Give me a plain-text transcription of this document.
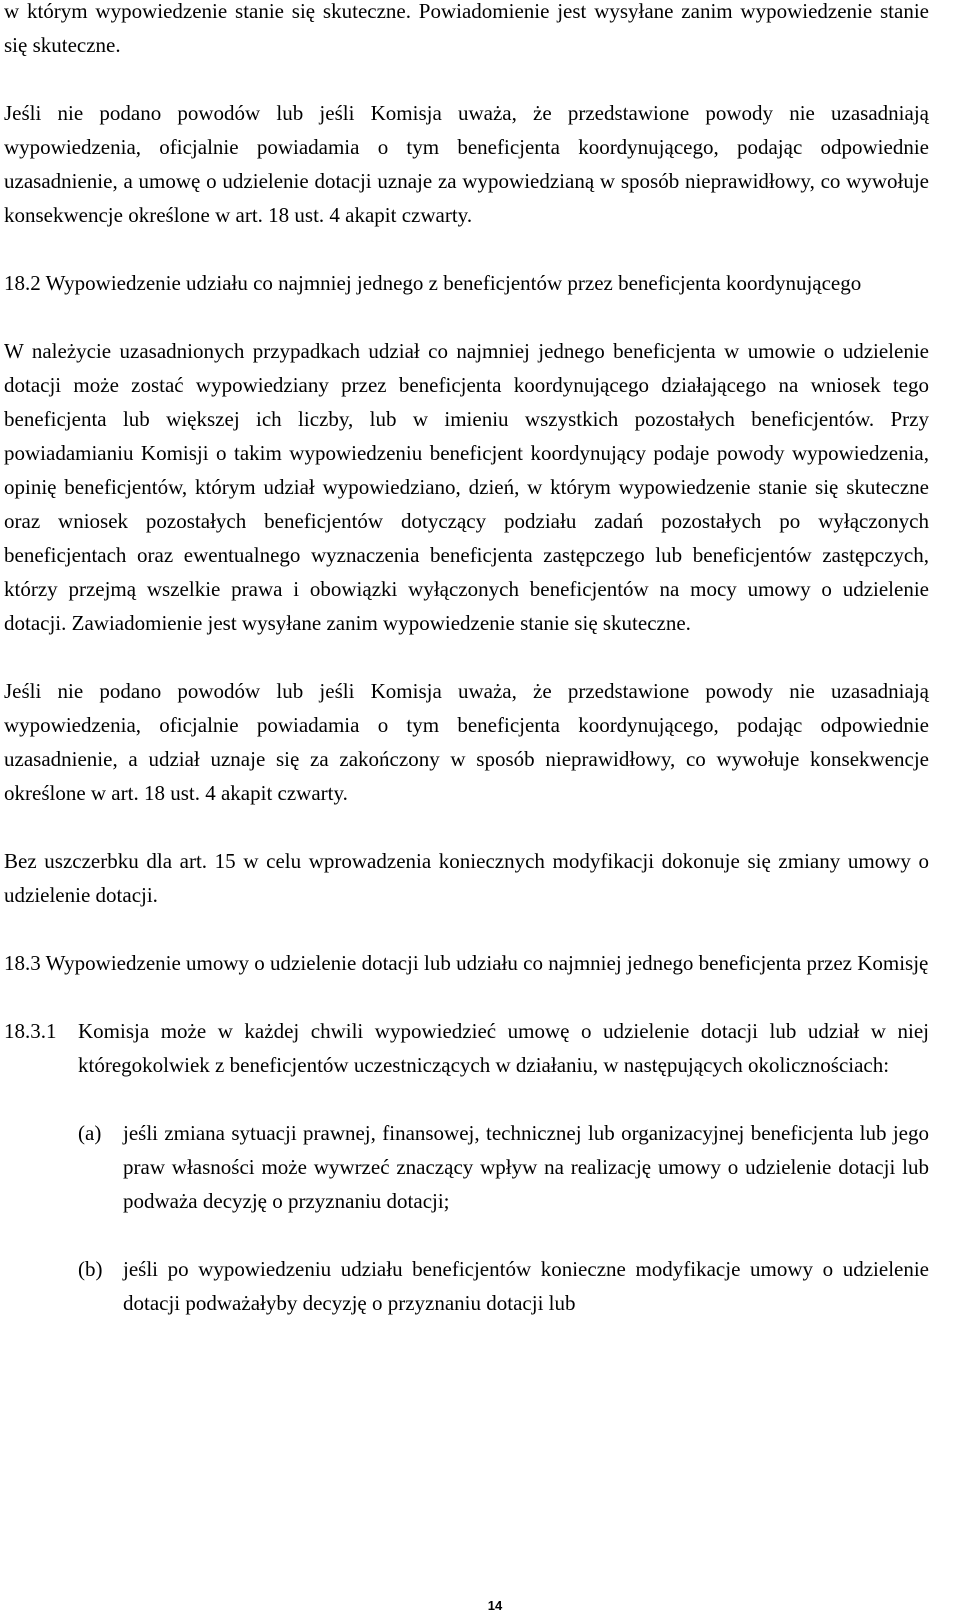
w którym wypowiedzenie stanie się skuteczne. Powiadomienie jest wysyłane zanim wypowiedzenie stanie się skuteczne.

Jeśli nie podano powodów lub jeśli Komisja uważa, że przedstawione powody nie uzasadniają wypowiedzenia, oficjalnie powiadamia o tym beneficjenta koordynującego, podając odpowiednie uzasadnienie, a umowę o udzielenie dotacji uznaje za wypowiedzianą w sposób nieprawidłowy, co wywołuje konsekwencje określone w art. 18 ust. 4 akapit czwarty.

18.2 Wypowiedzenie udziału co najmniej jednego z beneficjentów przez beneficjenta koordynującego

W należycie uzasadnionych przypadkach udział co najmniej jednego beneficjenta w umowie o udzielenie dotacji może zostać wypowiedziany przez beneficjenta koordynującego działającego na wniosek tego beneficjenta lub większej ich liczby, lub w imieniu wszystkich pozostałych beneficjentów. Przy powiadamianiu Komisji o takim wypowiedzeniu beneficjent koordynujący podaje powody wypowiedzenia, opinię beneficjentów, którym udział wypowiedziano, dzień, w którym wypowiedzenie stanie się skuteczne oraz wniosek pozostałych beneficjentów dotyczący podziału zadań pozostałych po wyłączonych beneficjentach oraz ewentualnego wyznaczenia beneficjenta zastępczego lub beneficjentów zastępczych, którzy przejmą wszelkie prawa i obowiązki wyłączonych beneficjentów na mocy umowy o udzielenie dotacji. Zawiadomienie jest wysyłane zanim wypowiedzenie stanie się skuteczne.

Jeśli nie podano powodów lub jeśli Komisja uważa, że przedstawione powody nie uzasadniają wypowiedzenia, oficjalnie powiadamia o tym beneficjenta koordynującego, podając odpowiednie uzasadnienie, a udział uznaje się za zakończony w sposób nieprawidłowy, co wywołuje konsekwencje określone w art. 18 ust. 4 akapit czwarty.

Bez uszczerbku dla art. 15 w celu wprowadzenia koniecznych modyfikacji dokonuje się zmiany umowy o udzielenie dotacji.

18.3 Wypowiedzenie umowy o udzielenie dotacji lub udziału co najmniej jednego beneficjenta przez Komisję

18.3.1	Komisja może w każdej chwili wypowiedzieć umowę o udzielenie dotacji lub udział w niej któregokolwiek z beneficjentów uczestniczących w działaniu, w następujących okolicznościach:
(a)	jeśli zmiana sytuacji prawnej, finansowej, technicznej lub organizacyjnej beneficjenta lub jego praw własności może wywrzeć znaczący wpływ na realizację umowy o udzielenie dotacji lub podważa decyzję o przyznaniu dotacji;
(b) jeśli po wypowiedzeniu udziału beneficjentów konieczne modyfikacje umowy o udzielenie dotacji podważałyby decyzję o przyznaniu dotacji lub
14
